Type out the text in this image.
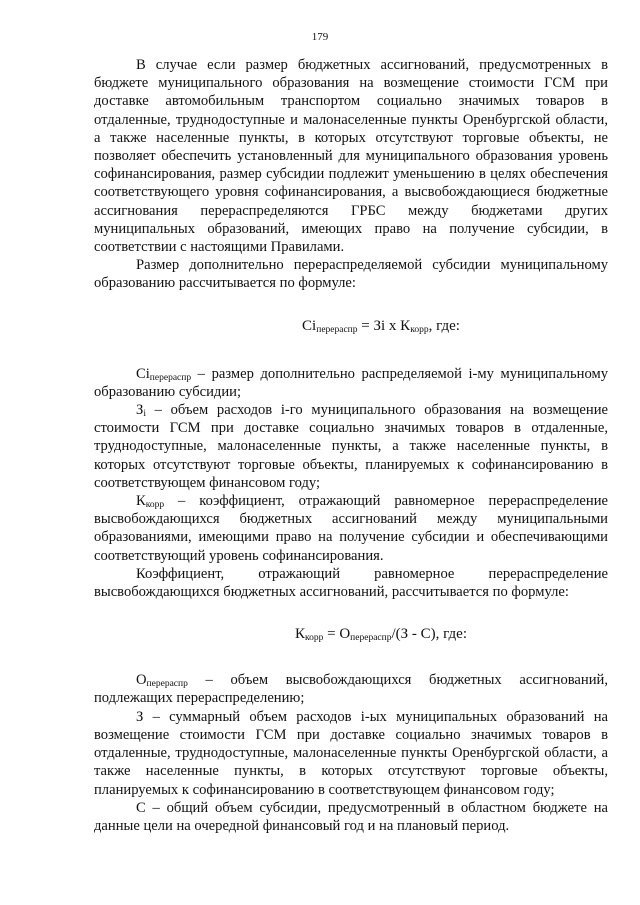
179

В случае если размер бюджетных ассигнований, предусмотренных в бюджете муниципального образования на возмещение стоимости ГСМ при доставке автомобильным транспортом социально значимых товаров в отдаленные, труднодоступные и малонаселенные пункты Оренбургской области, а также населенные пункты, в которых отсутствуют торговые объекты, не позволяет обеспечить установленный для муниципального образования уровень софинансирования, размер субсидии подлежит уменьшению в целях обеспечения соответствующего уровня софинансирования, а высвобождающиеся бюджетные ассигнования перераспределяются ГРБС между бюджетами других муниципальных образований, имеющих право на получение субсидии, в соответствии с настоящими Правилами.

Размер дополнительно перераспределяемой субсидии муниципальному образованию рассчитывается по формуле:

$Сi_{перераспр}$ = Зi x $К_{корр}$, где:

$Сi_{перераспр}$ – размер дополнительно распределяемой i-му муниципальному образованию субсидии;

$З_i$ – объем расходов i-го муниципального образования на возмещение стоимости ГСМ при доставке социально значимых товаров в отдаленные, труднодоступные, малонаселенные пункты, а также населенные пункты, в которых отсутствуют торговые объекты, планируемых к софинансированию в соответствующем финансовом году;

$К_{корр}$ – коэффициент, отражающий равномерное перераспределение высвобождающихся бюджетных ассигнований между муниципальными образованиями, имеющими право на получение субсидии и обеспечивающими соответствующий уровень софинансирования.

Коэффициент, отражающий равномерное перераспределение высвобождающихся бюджетных ассигнований, рассчитывается по формуле:

$К_{корр} = О_{перераспр}/(З - С)$, где:

$О_{перераспр}$ – объем высвобождающихся бюджетных ассигнований, подлежащих перераспределению;

З – суммарный объем расходов i-ых муниципальных образований на возмещение стоимости ГСМ при доставке социально значимых товаров в отдаленные, труднодоступные, малонаселенные пункты Оренбургской области, а также населенные пункты, в которых отсутствуют торговые объекты, планируемых к софинансированию в соответствующем финансовом году;

С – общий объем субсидии, предусмотренный в областном бюджете на данные цели на очередной финансовый год и на плановый период.
